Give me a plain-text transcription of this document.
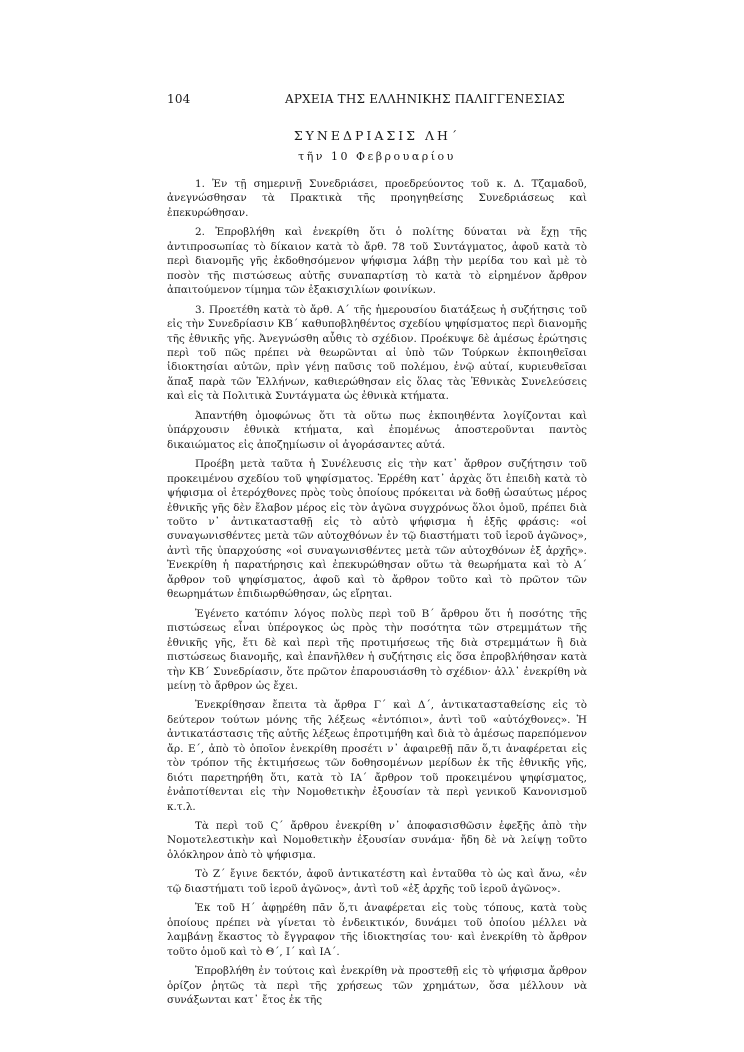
104	ΑΡΧΕΙΑ ΤΗΣ ΕΛΛΗΝΙΚΗΣ ΠΑΛΙΓΓΕΝΕΣΙΑΣ
ΣΥΝΕΔΡΙΑΣΙΣ ΛΗ΄
τῆν 10 Φεβρουαρίου

1. Ἐν τῇ σημερινῇ Συνεδριάσει, προεδρεύοντος τοῦ κ. Δ. Τζαμαδοῦ, ἀνεγνώσθησαν τὰ Πρακτικὰ τῆς προηγηθείσης Συνεδριάσεως καὶ ἐπεκυρώθησαν.

2. Ἐπροβλήθη καὶ ἐνεκρίθη ὅτι ὁ πολίτης δύναται νὰ ἔχῃ τῆς ἀντιπροσωπίας τὸ δίκαιον κατὰ τὸ ἄρθ. 78 τοῦ Συντάγματος, ἀφοῦ κατὰ τὸ περὶ διανομῆς γῆς ἐκδοθησόμενον ψήφισμα λάβῃ τὴν μερίδα του καὶ μὲ τὸ ποσὸν τῆς πιστώσεως αὐτῆς συναπαρτίσῃ τὸ κατὰ τὸ εἰρημένον ἄρθρον ἀπαιτούμενον τίμημα τῶν ἐξακισχιλίων φοινίκων.

3. Προετέθη κατὰ τὸ ἄρθ. Α΄ τῆς ἡμερουσίου διατάξεως ἡ συζήτησις τοῦ εἰς τὴν Συνεδρίασιν ΚΒ΄ καθυποβληθέντος σχεδίου ψηφίσματος περὶ διανομῆς τῆς ἐθνικῆς γῆς. Ἀνεγνώσθη αὖθις τὸ σχέδιον. Προέκυψε δὲ ἀμέσως ἐρώτησις περὶ τοῦ πῶς πρέπει νὰ θεωρῶνται αἱ ὑπὸ τῶν Τούρκων ἐκποιηθεῖσαι ἰδιοκτησίαι αὐτῶν, πρὶν γένῃ παῦσις τοῦ πολέμου, ἐνῷ αὐταί, κυριευθεῖσαι ἅπαξ παρὰ τῶν Ἑλλήνων, καθιερώθησαν εἰς ὅλας τὰς Ἐθνικὰς Συνελεύσεις καὶ εἰς τὰ Πολιτικὰ Συντάγματα ὡς ἐθνικὰ κτήματα.

Ἀπαντήθη ὁμοφώνως ὅτι τὰ οὕτω πως ἐκποιηθέντα λογίζονται καὶ ὑπάρχουσιν ἐθνικὰ κτήματα, καὶ ἐπομένως ἀποστεροῦνται παντὸς δικαιώματος εἰς ἀποζημίωσιν οἱ ἀγοράσαντες αὐτά.

Προέβη μετὰ ταῦτα ἡ Συνέλευσις εἰς τὴν κατ᾽ ἄρθρον συζήτησιν τοῦ προκειμένου σχεδίου τοῦ ψηφίσματος. Ἐρρέθη κατ᾽ ἀρχὰς ὅτι ἐπειδὴ κατὰ τὸ ψήφισμα οἱ ἑτερόχθονες πρὸς τοὺς ὁποίους πρόκειται νὰ δοθῇ ὡσαύτως μέρος ἐθνικῆς γῆς δὲν ἔλαβον μέρος εἰς τὸν ἀγῶνα συγχρόνως ὅλοι ὁμοῦ, πρέπει διὰ τοῦτο ν᾽ ἀντικατασταθῇ εἰς τὸ αὐτὸ ψήφισμα ἡ ἑξῆς φράσις: «οἱ συναγωνισθέντες μετὰ τῶν αὐτοχθόνων ἐν τῷ διαστήματι τοῦ ἱεροῦ ἀγῶνος», ἀντὶ τῆς ὑπαρχούσης «οἱ συναγωνισθέντες μετὰ τῶν αὐτοχθόνων ἐξ ἀρχῆς». Ἐνεκρίθη ἡ παρατήρησις καὶ ἐπεκυρώθησαν οὕτω τὰ θεωρήματα καὶ τὸ Α΄ ἄρθρον τοῦ ψηφίσματος, ἀφοῦ καὶ τὸ ἄρθρον τοῦτο καὶ τὸ πρῶτον τῶν θεωρημάτων ἐπιδιωρθώθησαν, ὡς εἴρηται.

Ἐγένετο κατόπιν λόγος πολὺς περὶ τοῦ Β΄ ἄρθρου ὅτι ἡ ποσότης τῆς πιστώσεως εἶναι ὑπέρογκος ὡς πρὸς τὴν ποσότητα τῶν στρεμμάτων τῆς ἐθνικῆς γῆς, ἔτι δὲ καὶ περὶ τῆς προτιμήσεως τῆς διὰ στρεμμάτων ἢ διὰ πιστώσεως διανομῆς, καὶ ἐπανῆλθεν ἡ συζήτησις εἰς ὅσα ἐπροβλήθησαν κατὰ τὴν ΚΒ΄ Συνεδρίασιν, ὅτε πρῶτον ἐπαρουσιάσθη τὸ σχέδιον· ἀλλ᾽ ἐνεκρίθη νὰ μείνῃ τὸ ἄρθρον ὡς ἔχει.

Ἐνεκρίθησαν ἔπειτα τὰ ἄρθρα Γ΄ καὶ Δ΄, ἀντικατασταθείσης εἰς τὸ δεύτερον τούτων μόνης τῆς λέξεως «ἐντόπιοι», ἀντὶ τοῦ «αὐτόχθονες». Ἡ ἀντικατάστασις τῆς αὐτῆς λέξεως ἐπροτιμήθη καὶ διὰ τὸ ἀμέσως παρεπόμενον ἄρ. Ε΄, ἀπὸ τὸ ὁποῖον ἐνεκρίθη προσέτι ν᾽ ἀφαιρεθῇ πᾶν ὅ,τι ἀναφέρεται εἰς τὸν τρόπον τῆς ἐκτιμήσεως τῶν δοθησομένων μερίδων ἐκ τῆς ἐθνικῆς γῆς, διότι παρετηρήθη ὅτι, κατὰ τὸ ΙΑ΄ ἄρθρον τοῦ προκειμένου ψηφίσματος, ἐνἀποτίθενται εἰς τὴν Νομοθετικὴν ἐξουσίαν τὰ περὶ γενικοῦ Κανονισμοῦ κ.τ.λ.

Τὰ περὶ τοῦ Ϛ΄ ἄρθρου ἐνεκρίθη ν᾽ ἀποφασισθῶσιν ἐφεξῆς ἀπὸ τὴν Νομοτελεστικὴν καὶ Νομοθετικὴν ἐξουσίαν συνάμα· ἤδη δὲ νὰ λείψῃ τοῦτο ὁλόκληρον ἀπὸ τὸ ψήφισμα.

Τὸ Ζ΄ ἔγινε δεκτόν, ἀφοῦ ἀντικατέστη καὶ ἐνταῦθα τὸ ὡς καὶ ἄνω, «ἐν τῷ διαστήματι τοῦ ἱεροῦ ἀγῶνος», ἀντὶ τοῦ «ἐξ ἀρχῆς τοῦ ἱεροῦ ἀγῶνος».

Ἐκ τοῦ Η΄ ἀφῃρέθη πᾶν ὅ,τι ἀναφέρεται εἰς τοὺς τόπους, κατὰ τοὺς ὁποίους πρέπει νὰ γίνεται τὸ ἐνδεικτικόν, δυνάμει τοῦ ὁποίου μέλλει νὰ λαμβάνῃ ἕκαστος τὸ ἔγγραφον τῆς ἰδιοκτησίας του· καὶ ἐνεκρίθη τὸ ἄρθρον τοῦτο ὁμοῦ καὶ τὸ Θ΄, Ι΄ καὶ ΙΑ΄.

Ἐπροβλήθη ἐν τούτοις καὶ ἐνεκρίθη νὰ προστεθῇ εἰς τὸ ψήφισμα ἄρθρον ὁρίζον ῥητῶς τὰ περὶ τῆς χρήσεως τῶν χρημάτων, ὅσα μέλλουν νὰ συνάξωνται κατ᾽ ἔτος ἐκ τῆς
